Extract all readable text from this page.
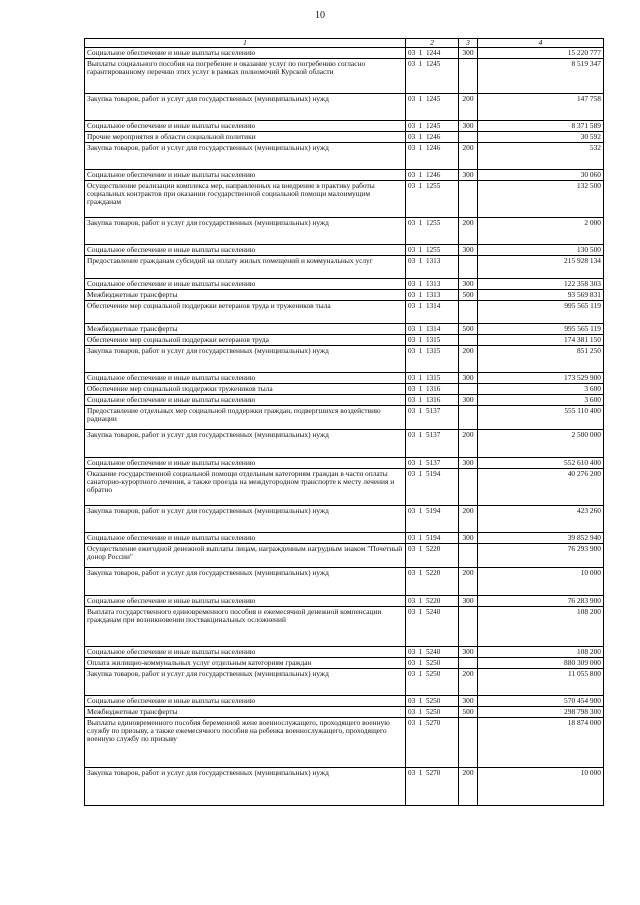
10
1	2	3	4
Социальное обеспечение и иные выплаты населению	03  1  1244	300	15 220 777
Выплаты социального пособия на погребение и оказание услуг по погребению согласно гарантированному перечню этих услуг в рамках полномочий Курской области	03  1  1245		8 519 347
Закупка товаров, работ и услуг для государственных (муниципальных) нужд	03  1  1245	200	147 758
Социальное обеспечение и иные выплаты населению	03  1  1245	300	8 371 589
Прочие мероприятия в области социальной политики	03  1  1246		30 592
Закупка товаров, работ и услуг для государственных (муниципальных) нужд	03  1  1246	200	532
Социальное обеспечение и иные выплаты населению	03  1  1246	300	30 060
Осуществление реализации комплекса мер, направленных на внедрение в практику работы социальных контрактов при оказании государственной социальной помощи малоимущим гражданам	03  1  1255		132 500
Закупка товаров, работ и услуг для государственных (муниципальных) нужд	03  1  1255	200	2 000
Социальное обеспечение и иные выплаты населению	03  1  1255	300	130 500
Предоставление гражданам субсидий на оплату жилых помещений и коммунальных услуг	03  1  1313		215 928 134
Социальное обеспечение и иные выплаты населению	03  1  1313	300	122 358 303
Межбюджетные трансферты	03  1  1313	500	93 569 831
Обеспечение мер социальной поддержки ветеранов труда и тружеников тыла	03  1  1314		995 565 119
Межбюджетные трансферты	03  1  1314	500	995 565 119
Обеспечение мер социальной поддержки ветеранов труда	03  1  1315		174 381 150
Закупка товаров, работ и услуг для государственных (муниципальных) нужд	03  1  1315	200	851 250
Социальное обеспечение и иные выплаты населению	03  1  1315	300	173 529 900
Обеспечение мер социальной поддержки тружеников тыла	03  1  1316		3 600
Социальное обеспечение и иные выплаты населению	03  1  1316	300	3 600
Предоставление отдельных мер социальной поддержки граждан, подвергшихся воздействию радиации	03  1  5137		555 110 400
Закупка товаров, работ и услуг для государственных (муниципальных) нужд	03  1  5137	200	2 500 000
Социальное обеспечение и иные выплаты населению	03  1  5137	300	552 610 400
Оказание государственной социальной помощи отдельным категориям граждан в части оплаты санаторно-курортного лечения, а также проезда на междугородном транспорте к месту лечения и обратно	03  1  5194		40 276 200
Закупка товаров, работ и услуг для государственных (муниципальных) нужд	03  1  5194	200	423 260
Социальное обеспечение и иные выплаты населению	03  1  5194	300	39 852 940
Осуществление ежегодной денежной выплаты лицам, награжденным нагрудным знаком "Почетный донор России"	03  1  5220		76 293 900
Закупка товаров, работ и услуг для государственных (муниципальных) нужд	03  1  5220	200	10 000
Социальное обеспечение и иные выплаты населению	03  1  5220	300	76 283 900
Выплата государственного единовременного пособия и ежемесячной денежной компенсации гражданам при возникновении поствакцинальных осложнений	03  1  5240		108 200
Социальное обеспечение и иные выплаты населению	03  1  5240	300	108 200
Оплата жилищно-коммунальных услуг отдельным категориям граждан	03  1  5250		880 309 000
Закупка товаров, работ и услуг для государственных (муниципальных) нужд	03  1  5250	200	11 055 800
Социальное обеспечение и иные выплаты населению	03  1  5250	300	570 454 900
Межбюджетные трансферты	03  1  5250	500	298 798 300
Выплаты единовременного пособия беременной жене военнослужащего, проходящего военную службу по призыву, а также ежемесячного пособия на ребенка военнослужащего, проходящего военную службу по призыву	03  1  5270		18 874 000
Закупка товаров, работ и услуг для государственных (муниципальных) нужд	03  1  5270	200	10 000
